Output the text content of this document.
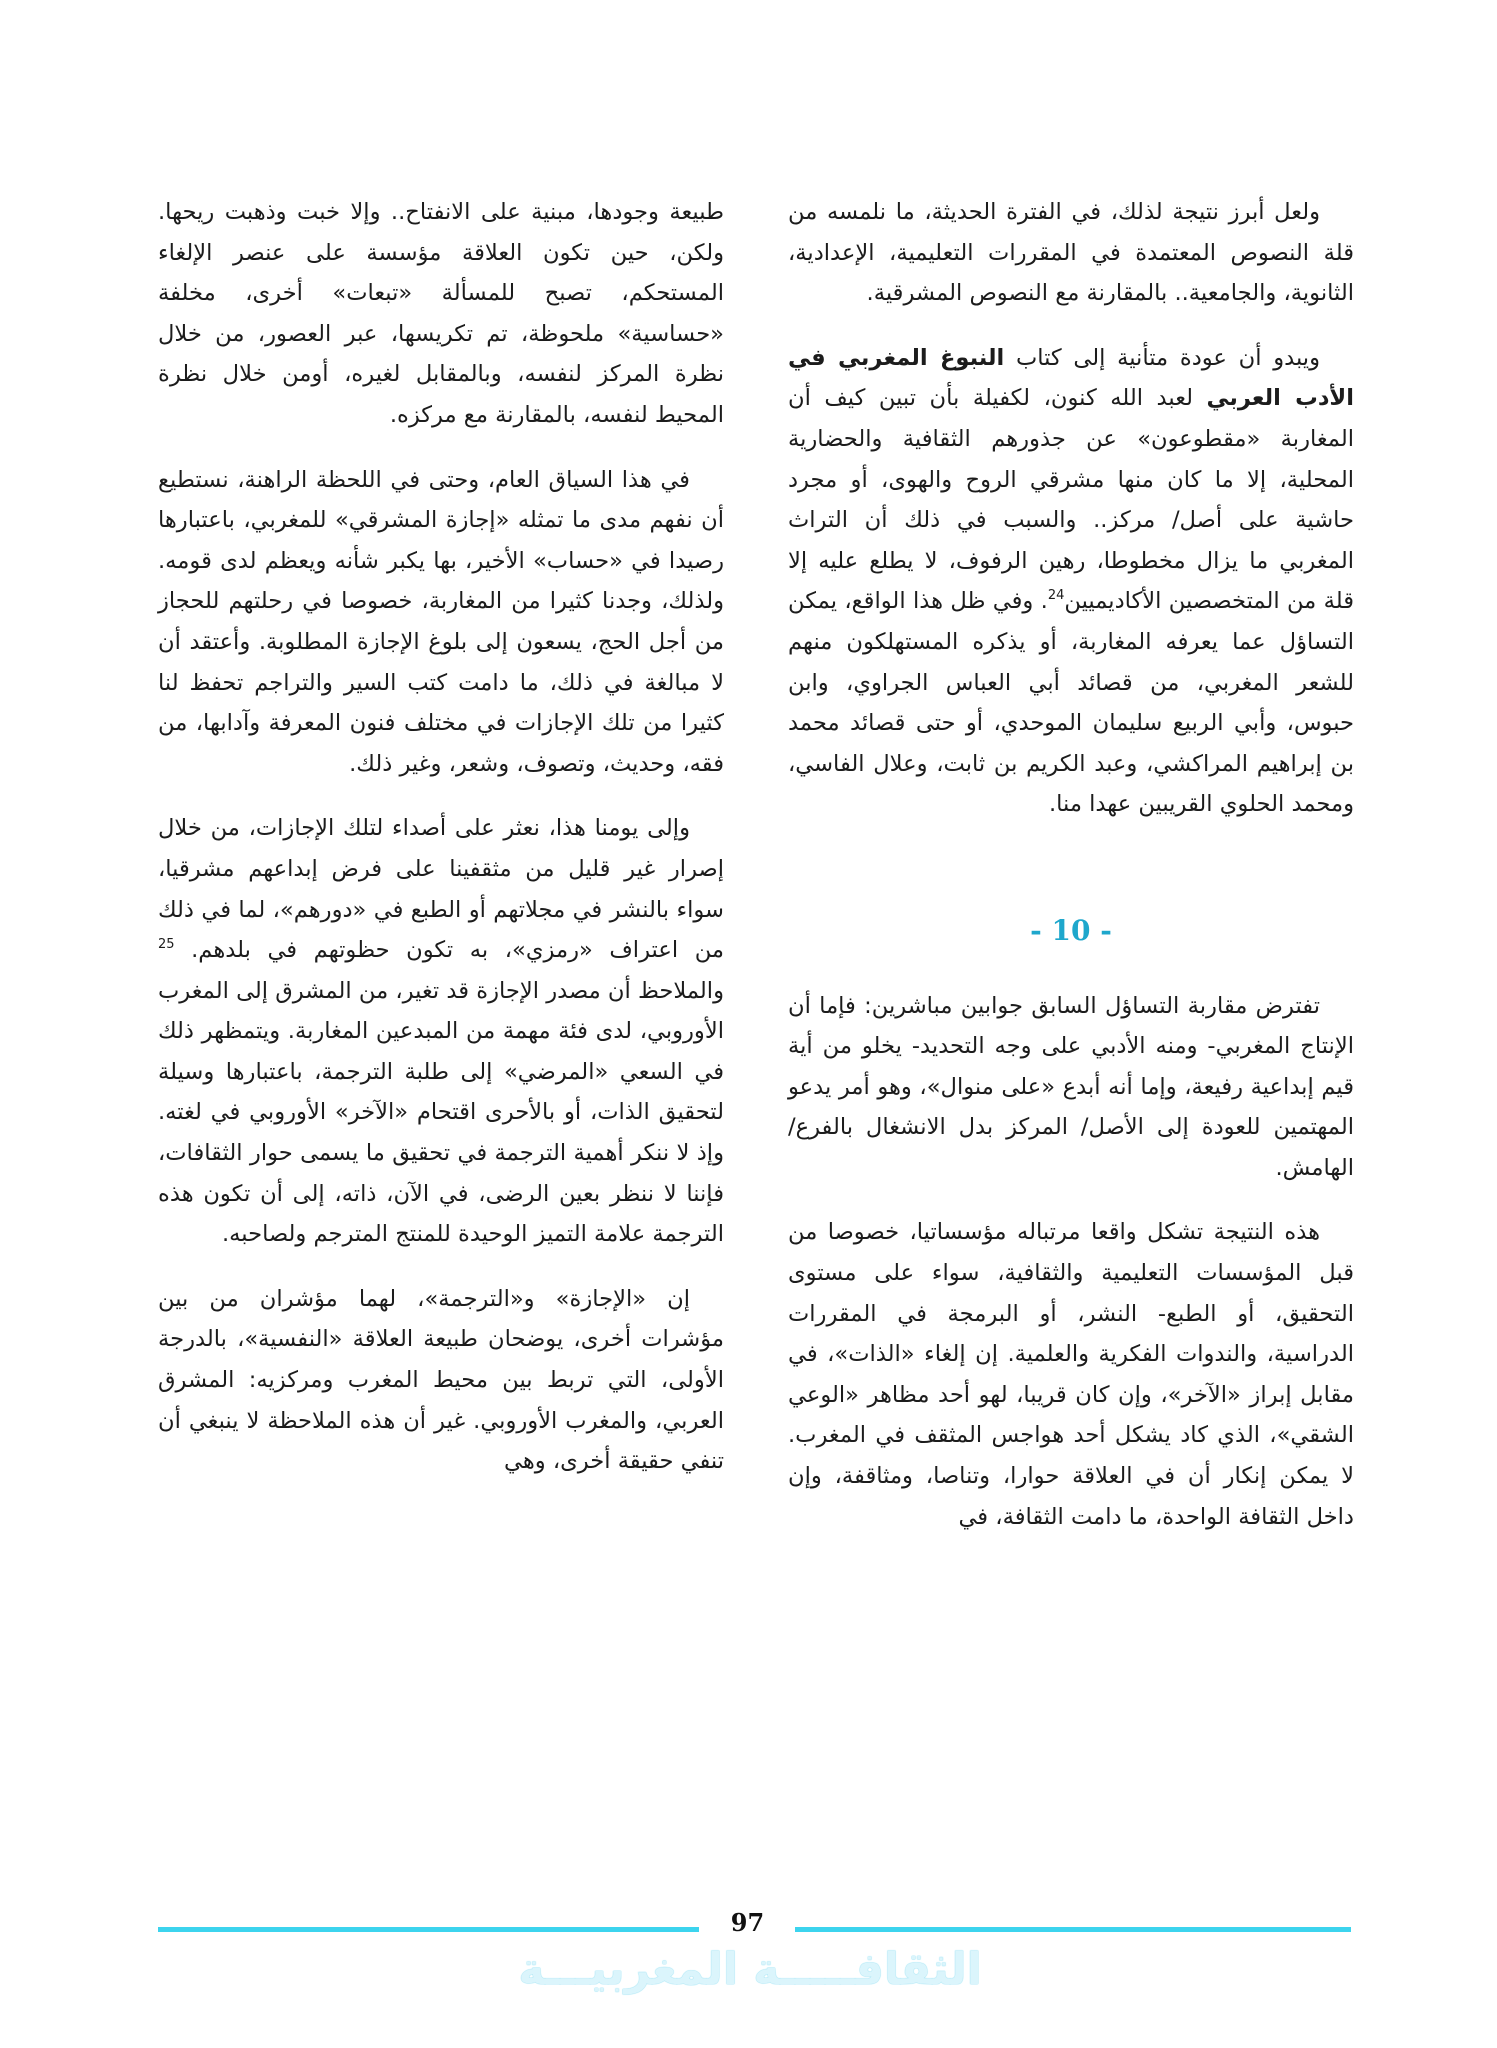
ولعل أبرز نتيجة لذلك، في الفترة الحديثة، ما نلمسه من قلة النصوص المعتمدة في المقررات التعليمية، الإعدادية، الثانوية، والجامعية.. بالمقارنة مع النصوص المشرقية.

ويبدو أن عودة متأنية إلى كتاب النبوغ المغربي في الأدب العربي لعبد الله كنون، لكفيلة بأن تبين كيف أن المغاربة «مقطوعون» عن جذورهم الثقافية والحضارية المحلية، إلا ما كان منها مشرقي الروح والهوى، أو مجرد حاشية على أصل/ مركز.. والسبب في ذلك أن التراث المغربي ما يزال مخطوطا، رهين الرفوف، لا يطلع عليه إلا قلة من المتخصصين الأكاديميين$^{24}$. وفي ظل هذا الواقع، يمكن التساؤل عما يعرفه المغاربة، أو يذكره المستهلكون منهم للشعر المغربي، من قصائد أبي العباس الجراوي، وابن حبوس، وأبي الربيع سليمان الموحدي، أو حتى قصائد محمد بن إبراهيم المراكشي، وعبد الكريم بن ثابت، وعلال الفاسي، ومحمد الحلوي القريبين عهدا منا.

- 10 -

تفترض مقاربة التساؤل السابق جوابين مباشرين: فإما أن الإنتاج المغربي- ومنه الأدبي على وجه التحديد- يخلو من أية قيم إبداعية رفيعة، وإما أنه أبدع «على منوال»، وهو أمر يدعو المهتمين للعودة إلى الأصل/ المركز بدل الانشغال بالفرع/ الهامش.

هذه النتيجة تشكل واقعا مرتباله مؤسساتيا، خصوصا من قبل المؤسسات التعليمية والثقافية، سواء على مستوى التحقيق، أو الطبع- النشر، أو البرمجة في المقررات الدراسية، والندوات الفكرية والعلمية. إن إلغاء «الذات»، في مقابل إبراز «الآخر»، وإن كان قريبا، لهو أحد مظاهر «الوعي الشقي»، الذي كاد يشكل أحد هواجس المثقف في المغرب. لا يمكن إنكار أن في العلاقة حوارا، وتناصا، ومثاقفة، وإن داخل الثقافة الواحدة، ما دامت الثقافة، في

طبيعة وجودها، مبنية على الانفتاح.. وإلا خبت وذهبت ريحها. ولكن، حين تكون العلاقة مؤسسة على عنصر الإلغاء المستحكم، تصبح للمسألة «تبعات» أخرى، مخلفة «حساسية» ملحوظة، تم تكريسها، عبر العصور، من خلال نظرة المركز لنفسه، وبالمقابل لغيره، أومن خلال نظرة المحيط لنفسه، بالمقارنة مع مركزه.

في هذا السياق العام، وحتى في اللحظة الراهنة، نستطيع أن نفهم مدى ما تمثله «إجازة المشرقي» للمغربي، باعتبارها رصيدا في «حساب» الأخير، بها يكبر شأنه ويعظم لدى قومه. ولذلك، وجدنا كثيرا من المغاربة، خصوصا في رحلتهم للحجاز من أجل الحج، يسعون إلى بلوغ الإجازة المطلوبة. وأعتقد أن لا مبالغة في ذلك، ما دامت كتب السير والتراجم تحفظ لنا كثيرا من تلك الإجازات في مختلف فنون المعرفة وآدابها، من فقه، وحديث، وتصوف، وشعر، وغير ذلك.

وإلى يومنا هذا، نعثر على أصداء لتلك الإجازات، من خلال إصرار غير قليل من مثقفينا على فرض إبداعهم مشرقيا، سواء بالنشر في مجلاتهم أو الطبع في «دورهم»، لما في ذلك من اعتراف «رمزي»، به تكون حظوتهم في بلدهم. $^{25}$ والملاحظ أن مصدر الإجازة قد تغير، من المشرق إلى المغرب الأوروبي، لدى فئة مهمة من المبدعين المغاربة. ويتمظهر ذلك في السعي «المرضي» إلى طلبة الترجمة، باعتبارها وسيلة لتحقيق الذات، أو بالأحرى اقتحام «الآخر» الأوروبي في لغته. وإذ لا ننكر أهمية الترجمة في تحقيق ما يسمى حوار الثقافات، فإننا لا ننظر بعين الرضى، في الآن، ذاته، إلى أن تكون هذه الترجمة علامة التميز الوحيدة للمنتج المترجم ولصاحبه.

إن «الإجازة» و«الترجمة»، لهما مؤشران من بين مؤشرات أخرى، يوضحان طبيعة العلاقة «النفسية»، بالدرجة الأولى، التي تربط بين محيط المغرب ومركزيه: المشرق العربي، والمغرب الأوروبي. غير أن هذه الملاحظة لا ينبغي أن تنفي حقيقة أخرى، وهي

97
الثقافـــــة المغربيـــة
